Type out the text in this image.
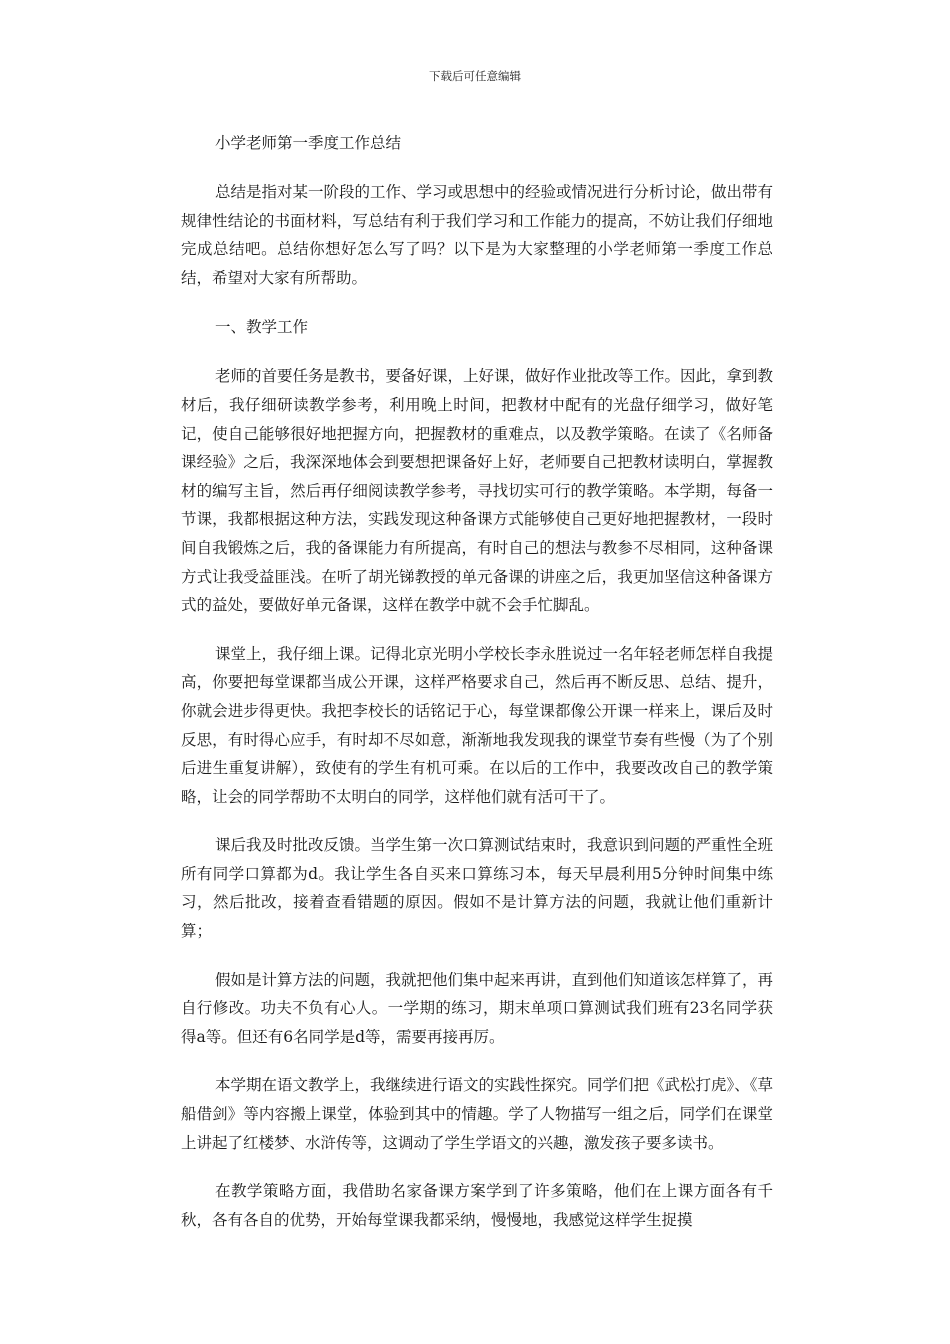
下载后可任意编辑
小学老师第一季度工作总结

总结是指对某一阶段的工作、学习或思想中的经验或情况进行分析讨论，做出带有规律性结论的书面材料，写总结有利于我们学习和工作能力的提高，不妨让我们仔细地完成总结吧。总结你想好怎么写了吗？以下是为大家整理的小学老师第一季度工作总结，希望对大家有所帮助。

一、教学工作

老师的首要任务是教书，要备好课，上好课，做好作业批改等工作。因此，拿到教材后，我仔细研读教学参考，利用晚上时间，把教材中配有的光盘仔细学习，做好笔记，使自己能够很好地把握方向，把握教材的重难点，以及教学策略。在读了《名师备课经验》之后，我深深地体会到要想把课备好上好，老师要自己把教材读明白，掌握教材的编写主旨，然后再仔细阅读教学参考，寻找切实可行的教学策略。本学期，每备一节课，我都根据这种方法，实践发现这种备课方式能够使自己更好地把握教材，一段时间自我锻炼之后，我的备课能力有所提高，有时自己的想法与教参不尽相同，这种备课方式让我受益匪浅。在听了胡光锑教授的单元备课的讲座之后，我更加坚信这种备课方式的益处，要做好单元备课，这样在教学中就不会手忙脚乱。

课堂上，我仔细上课。记得北京光明小学校长李永胜说过一名年轻老师怎样自我提高，你要把每堂课都当成公开课，这样严格要求自己，然后再不断反思、总结、提升，你就会进步得更快。我把李校长的话铭记于心，每堂课都像公开课一样来上，课后及时反思，有时得心应手，有时却不尽如意，渐渐地我发现我的课堂节奏有些慢（为了个别后进生重复讲解），致使有的学生有机可乘。在以后的工作中，我要改改自己的教学策略，让会的同学帮助不太明白的同学，这样他们就有活可干了。

课后我及时批改反馈。当学生第一次口算测试结束时，我意识到问题的严重性全班所有同学口算都为d。我让学生各自买来口算练习本，每天早晨利用5分钟时间集中练习，然后批改，接着查看错题的原因。假如不是计算方法的问题，我就让他们重新计算；

假如是计算方法的问题，我就把他们集中起来再讲，直到他们知道该怎样算了，再自行修改。功夫不负有心人。一学期的练习，期末单项口算测试我们班有23名同学获得a等。但还有6名同学是d等，需要再接再厉。

本学期在语文教学上，我继续进行语文的实践性探究。同学们把《武松打虎》、《草船借剑》等内容搬上课堂，体验到其中的情趣。学了人物描写一组之后，同学们在课堂上讲起了红楼梦、水浒传等，这调动了学生学语文的兴趣，激发孩子要多读书。

在教学策略方面，我借助名家备课方案学到了许多策略，他们在上课方面各有千秋，各有各自的优势，开始每堂课我都采纳，慢慢地，我感觉这样学生捉摸
